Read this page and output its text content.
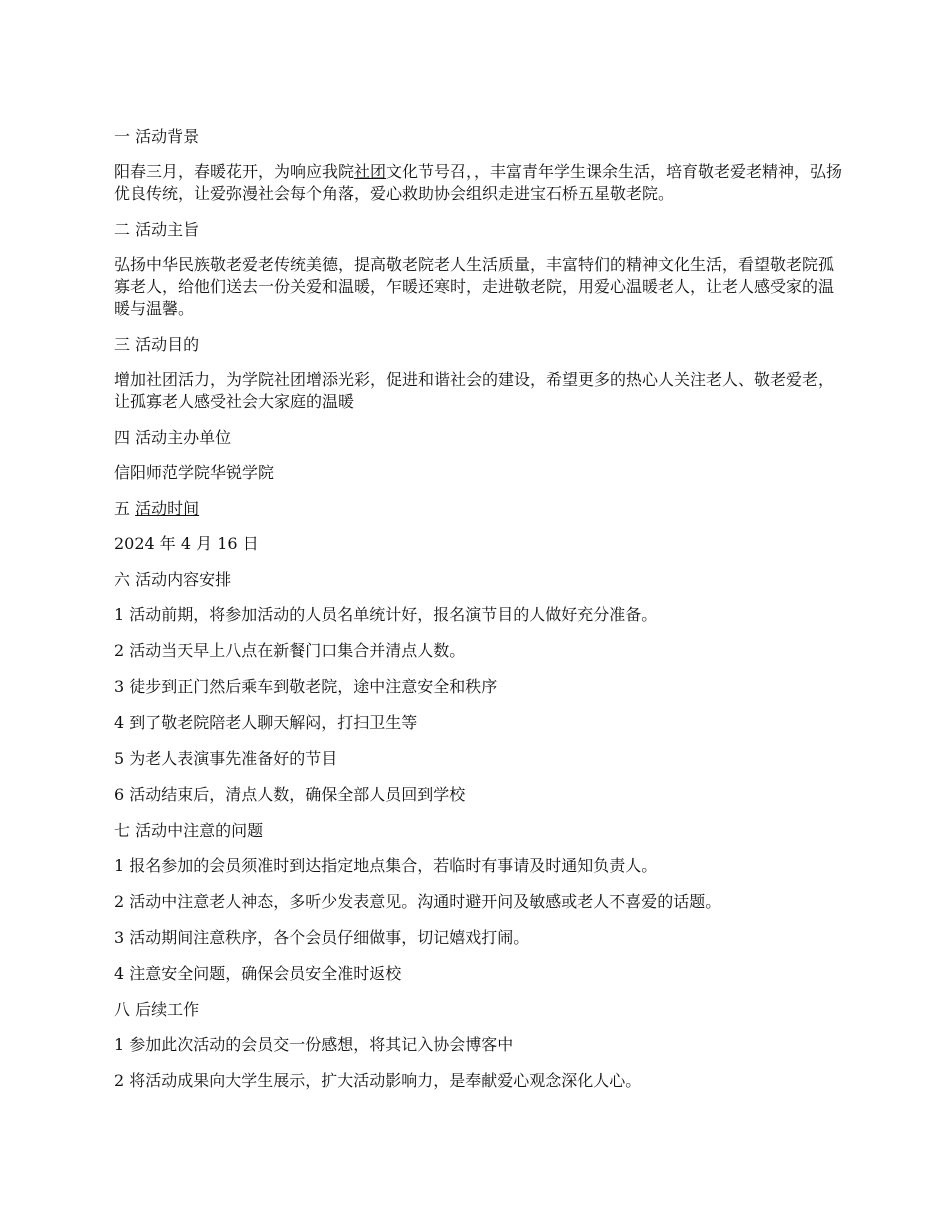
一 活动背景
阳春三月，春暖花开，为响应我院社团文化节号召，，丰富青年学生课余生活，培育敬老爱老精神，弘扬优良传统，让爱弥漫社会每个角落，爱心救助协会组织走进宝石桥五星敬老院。
二 活动主旨
弘扬中华民族敬老爱老传统美德，提高敬老院老人生活质量，丰富特们的精神文化生活，看望敬老院孤寡老人，给他们送去一份关爱和温暖，乍暖还寒时，走进敬老院，用爱心温暖老人，让老人感受家的温暖与温馨。
三 活动目的
增加社团活力，为学院社团增添光彩，促进和谐社会的建设，希望更多的热心人关注老人、敬老爱老，让孤寡老人感受社会大家庭的温暖
四 活动主办单位
信阳师范学院华锐学院
五 活动时间
2024 年 4 月 16 日
六 活动内容安排
1 活动前期，将参加活动的人员名单统计好，报名演节目的人做好充分准备。
2 活动当天早上八点在新餐门口集合并清点人数。
3 徒步到正门然后乘车到敬老院，途中注意安全和秩序
4 到了敬老院陪老人聊天解闷，打扫卫生等
5 为老人表演事先准备好的节目
6 活动结束后，清点人数，确保全部人员回到学校
七 活动中注意的问题
1 报名参加的会员须准时到达指定地点集合，若临时有事请及时通知负责人。
2 活动中注意老人神态，多听少发表意见。沟通时避开问及敏感或老人不喜爱的话题。
3 活动期间注意秩序，各个会员仔细做事，切记嬉戏打闹。
4 注意安全问题，确保会员安全准时返校
八 后续工作
1 参加此次活动的会员交一份感想，将其记入协会博客中
2 将活动成果向大学生展示，扩大活动影响力，是奉献爱心观念深化人心。
